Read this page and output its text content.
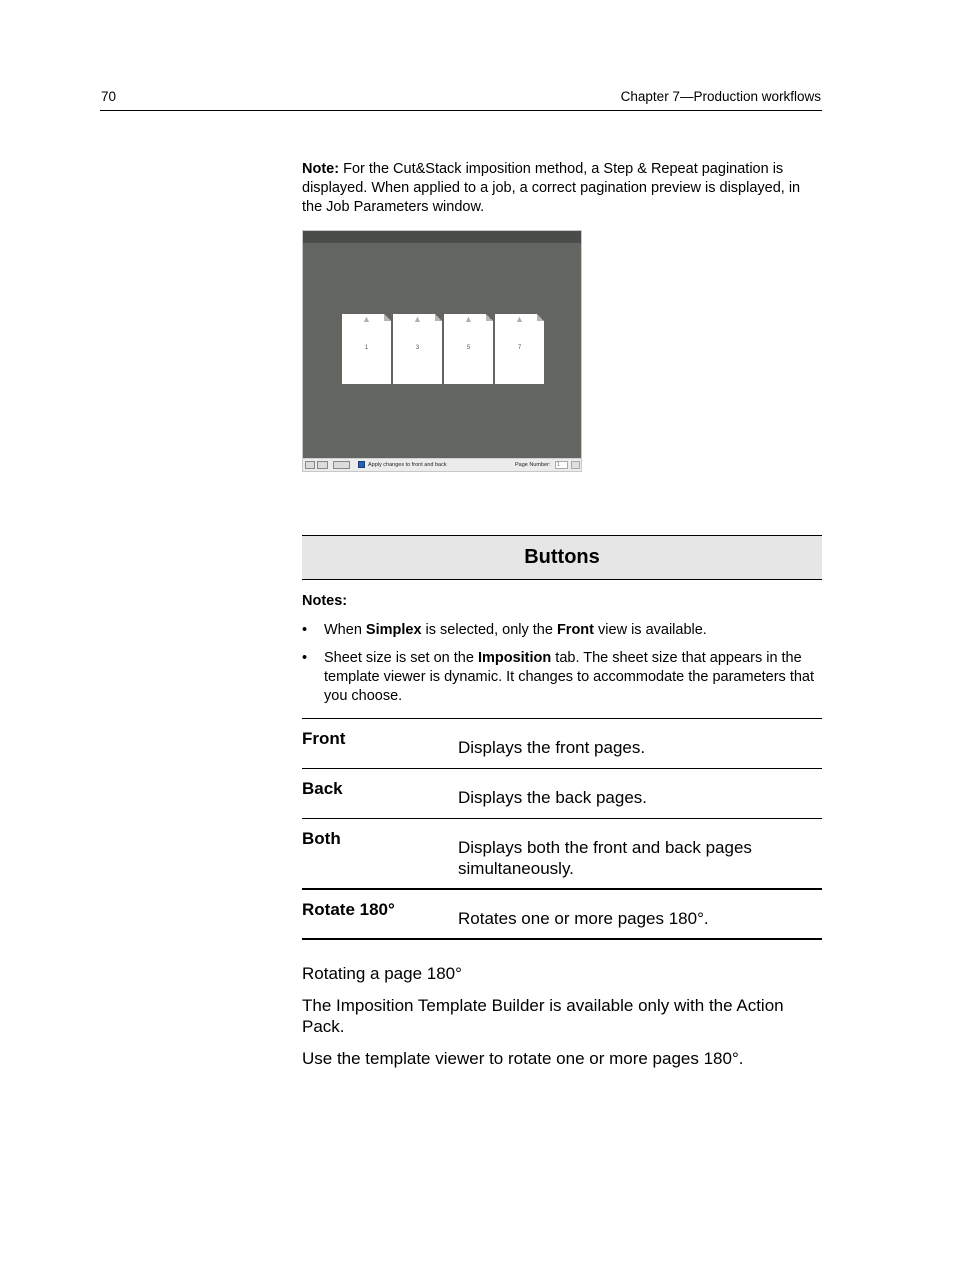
70	Chapter 7—Production workflows
Note: For the Cut&Stack imposition method, a Step & Repeat pagination is displayed. When applied to a job, a correct pagination preview is displayed, in the Job Parameters window.
▲
1
▲
3
▲
5
▲
7
Apply changes to front and back	Page Number:	1
Buttons
Notes:
• When Simplex is selected, only the Front view is available.
• Sheet size is set on the Imposition tab. The sheet size that appears in the template viewer is dynamic. It changes to accommodate the parameters that you choose.
Front	Displays the front pages.
Back	Displays the back pages.
Both	Displays both the front and back pages simultaneously.
Rotate 180°	Rotates one or more pages 180°.
Rotating a page 180°
The Imposition Template Builder is available only with the Action Pack.
Use the template viewer to rotate one or more pages 180°.
